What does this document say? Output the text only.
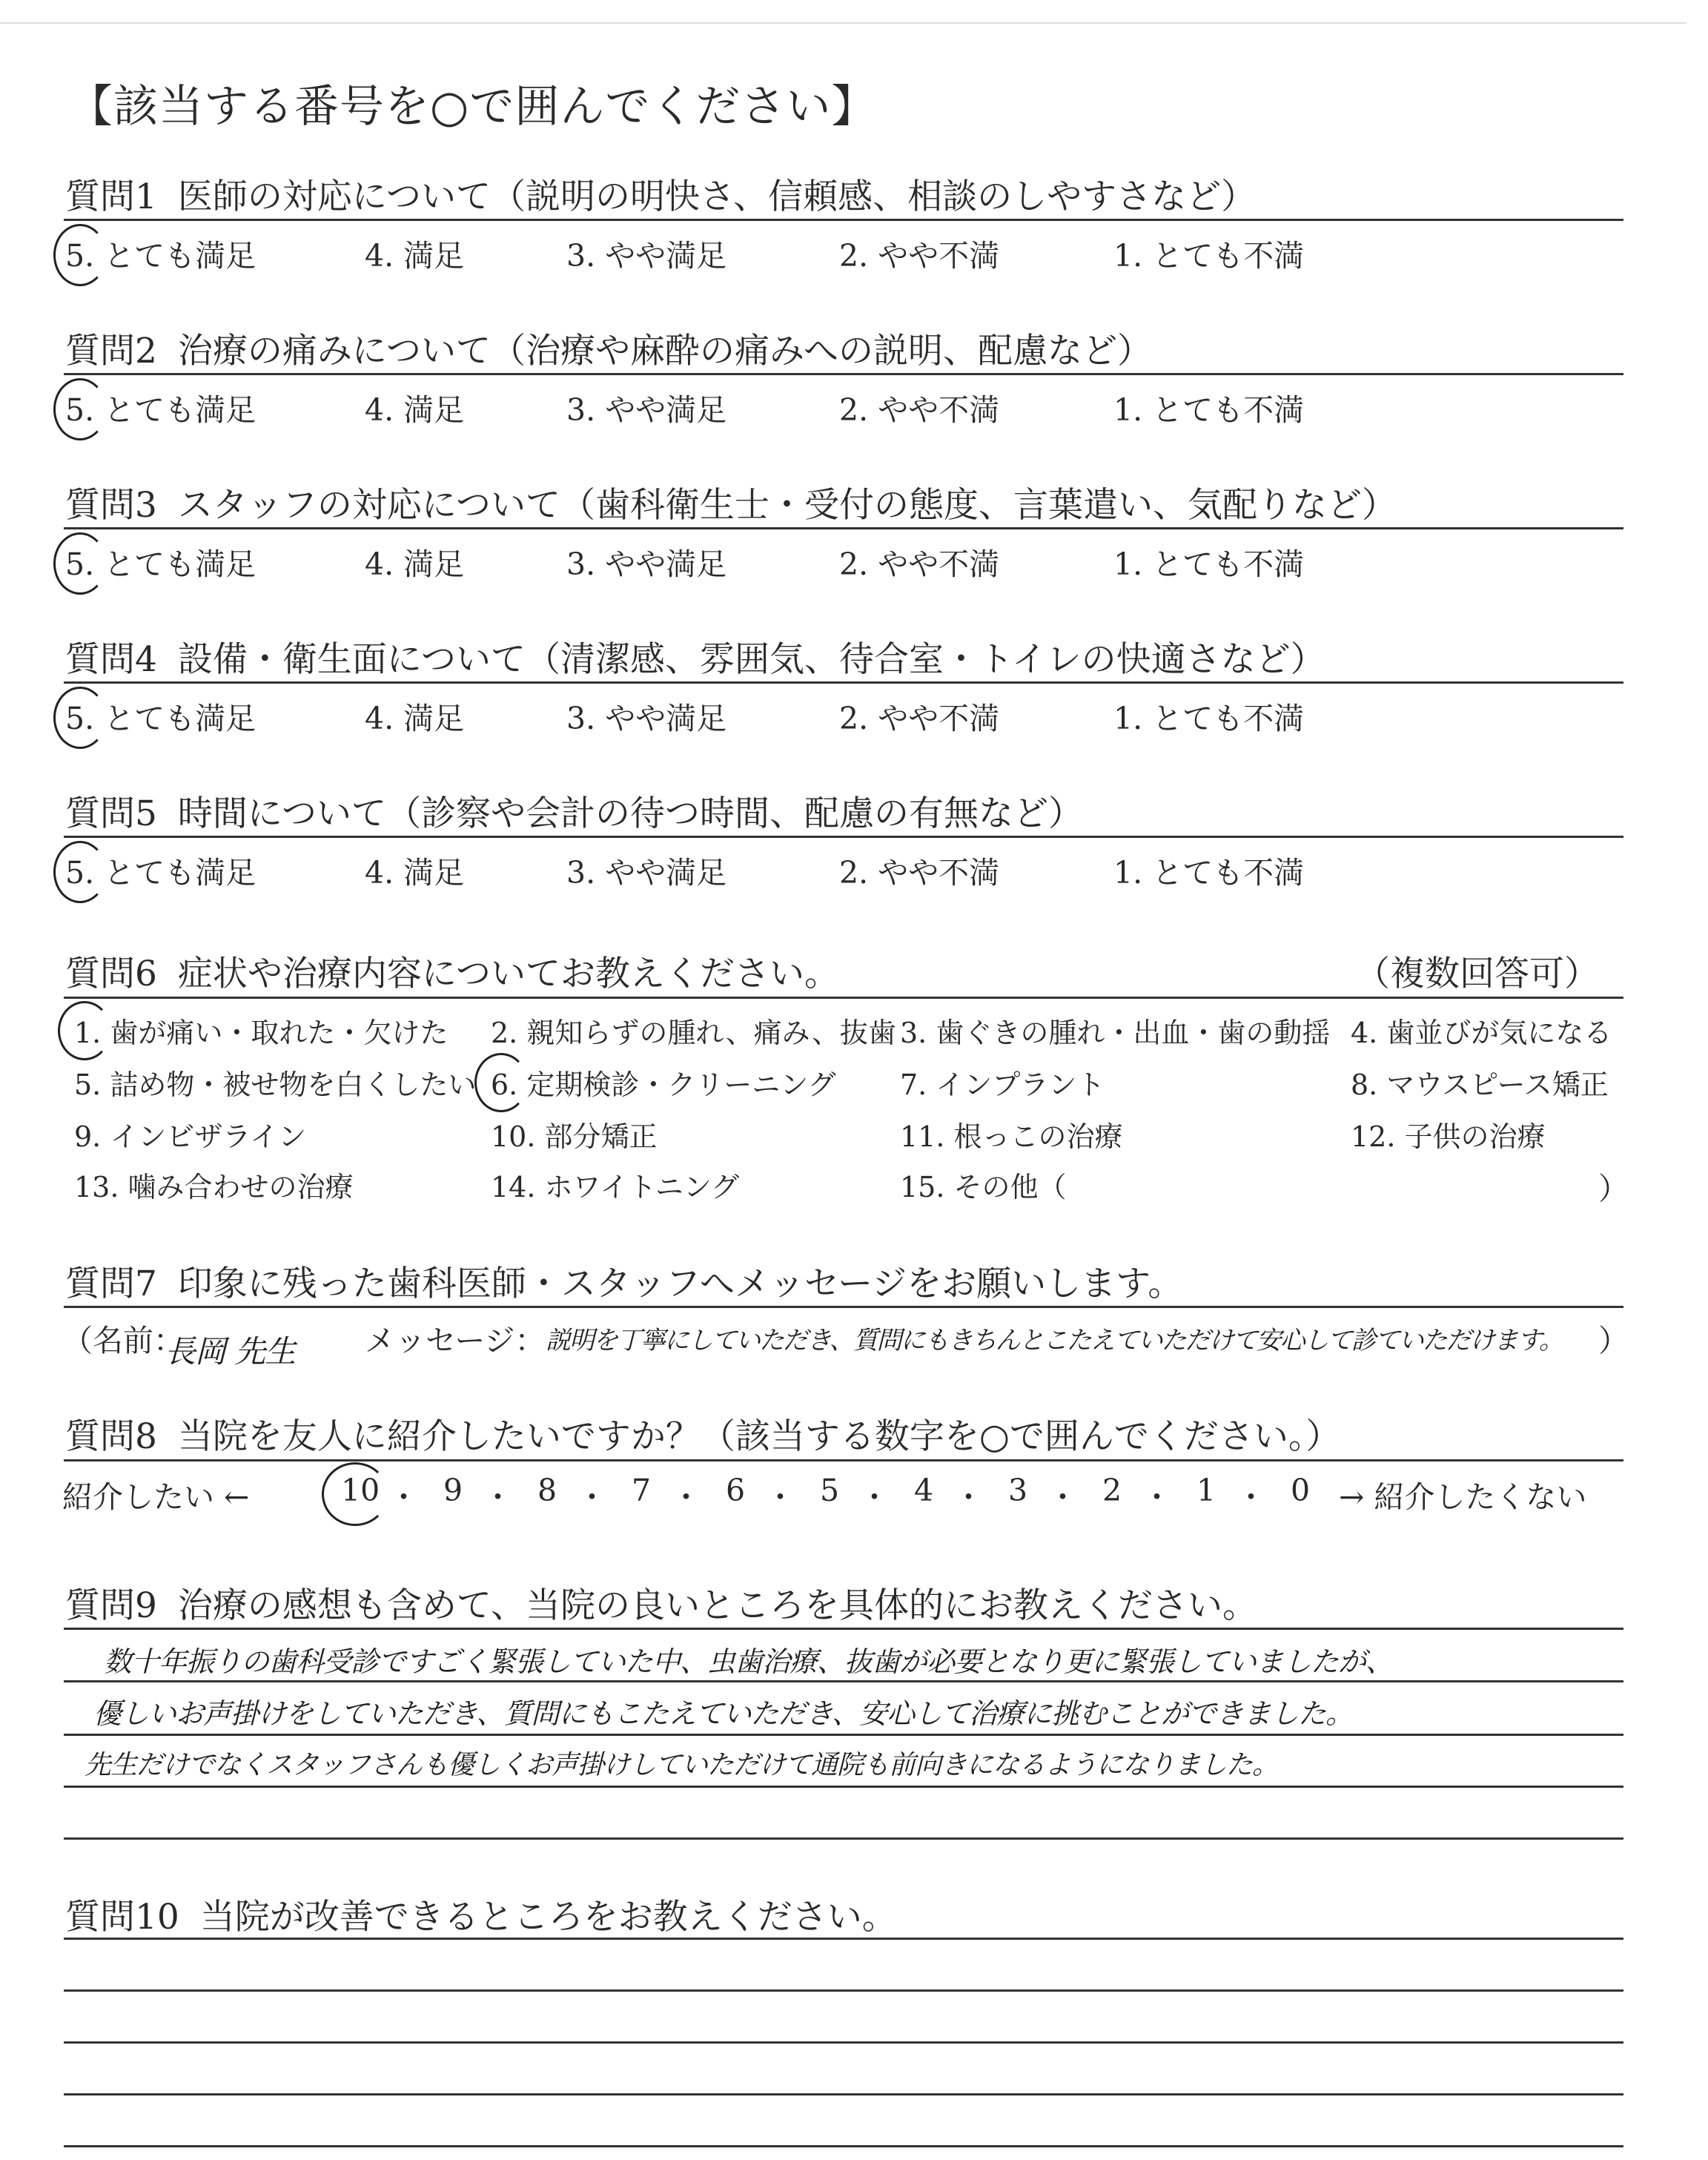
【該当する番号を○で囲んでください】
質問1 医師の対応について（説明の明快さ、信頼感、相談のしやすさなど）
5. とても満足	4. 満足	3. やや満足	2. やや不満	1. とても不満
質問2 治療の痛みについて（治療や麻酔の痛みへの説明、配慮など）
5. とても満足	4. 満足	3. やや満足	2. やや不満	1. とても不満
質問3 スタッフの対応について（歯科衛生士・受付の態度、言葉遣い、気配りなど）
5. とても満足	4. 満足	3. やや満足	2. やや不満	1. とても不満
質問4 設備・衛生面について（清潔感、雰囲気、待合室・トイレの快適さなど）
5. とても満足	4. 満足	3. やや満足	2. やや不満	1. とても不満
質問5 時間について（診察や会計の待つ時間、配慮の有無など）
5. とても満足	4. 満足	3. やや満足	2. やや不満	1. とても不満
質問6 症状や治療内容についてお教えください。	（複数回答可）
1. 歯が痛い・取れた・欠けた 2. 親知らずの腫れ、痛み、抜歯 3. 歯ぐきの腫れ・出血・歯の動揺 4. 歯並びが気になる
5. 詰め物・被せ物を白くしたい 6. 定期検診・クリーニング 7. インプラント	8. マウスピース矯正
9. インビザライン	10. 部分矯正	11. 根っこの治療	12. 子供の治療
13. 噛み合わせの治療	14. ホワイトニング	15. その他（	）
質問7 印象に残った歯科医師・スタッフへメッセージをお願いします。
（名前：
長岡 先生 メッセージ： 説明を丁寧にしていただき、質問にもきちんとこたえていただけて安心して診ていただけます。 ）
質問8 当院を友人に紹介したいですか？（該当する数字を○で囲んでください。）
紹介したい ←	10 ・ 9 ・ 8 ・ 7 ・ 6 ・ 5 ・ 4 ・ 3 ・ 2 ・ 1 ・ 0 → 紹介したくない
質問9 治療の感想も含めて、当院の良いところを具体的にお教えください。
数十年振りの歯科受診ですごく緊張していた中、虫歯治療、抜歯が必要となり更に緊張していましたが、
優しいお声掛けをしていただき、質問にもこたえていただき、安心して治療に挑むことができました。
先生だけでなくスタッフさんも優しくお声掛けしていただけて通院も前向きになるようになりました。
質問10 当院が改善できるところをお教えください。
